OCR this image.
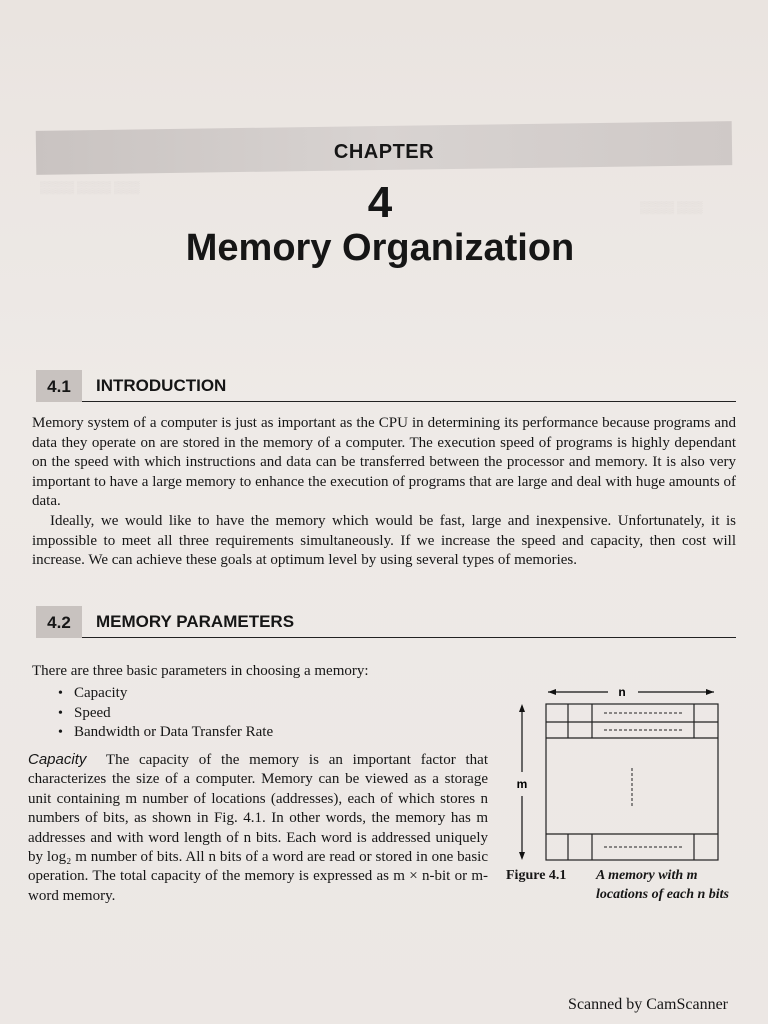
▒▒▒▒ ▒▒▒▒ ▒▒▒
▒▒▒▒ ▒▒▒
CHAPTER
4
Memory Organization
4.1	INTRODUCTION

Memory system of a computer is just as important as the CPU in determining its performance because programs and data they operate on are stored in the memory of a computer. The execution speed of programs is highly dependant on the speed with which instructions and data can be transferred between the processor and memory. It is also very important to have a large memory to enhance the execution of programs that are large and deal with huge amounts of data.

Ideally, we would like to have the memory which would be fast, large and inexpensive. Unfortunately, it is impossible to meet all three requirements simultaneously. If we increase the speed and capacity, then cost will increase. We can achieve these goals at optimum level by using several types of memories.

4.2	MEMORY PARAMETERS
There are three basic parameters in choosing a memory:
• Capacity
• Speed
• Bandwidth or Data Transfer Rate

Capacity The capacity of the memory is an important factor that characterizes the size of a computer. Memory can be viewed as a storage unit containing m number of locations (addresses), each of which stores n numbers of bits, as shown in Fig. 4.1. In other words, the memory has m addresses and with word length of n bits. Each word is addressed uniquely by log₂ m number of bits. All n bits of a word are read or stored in one basic operation. The total capacity of the memory is expressed as m × n-bit or m-word memory.

n
m
Figure 4.1 A memory with m locations of each n bits
Scanned by CamScanner
